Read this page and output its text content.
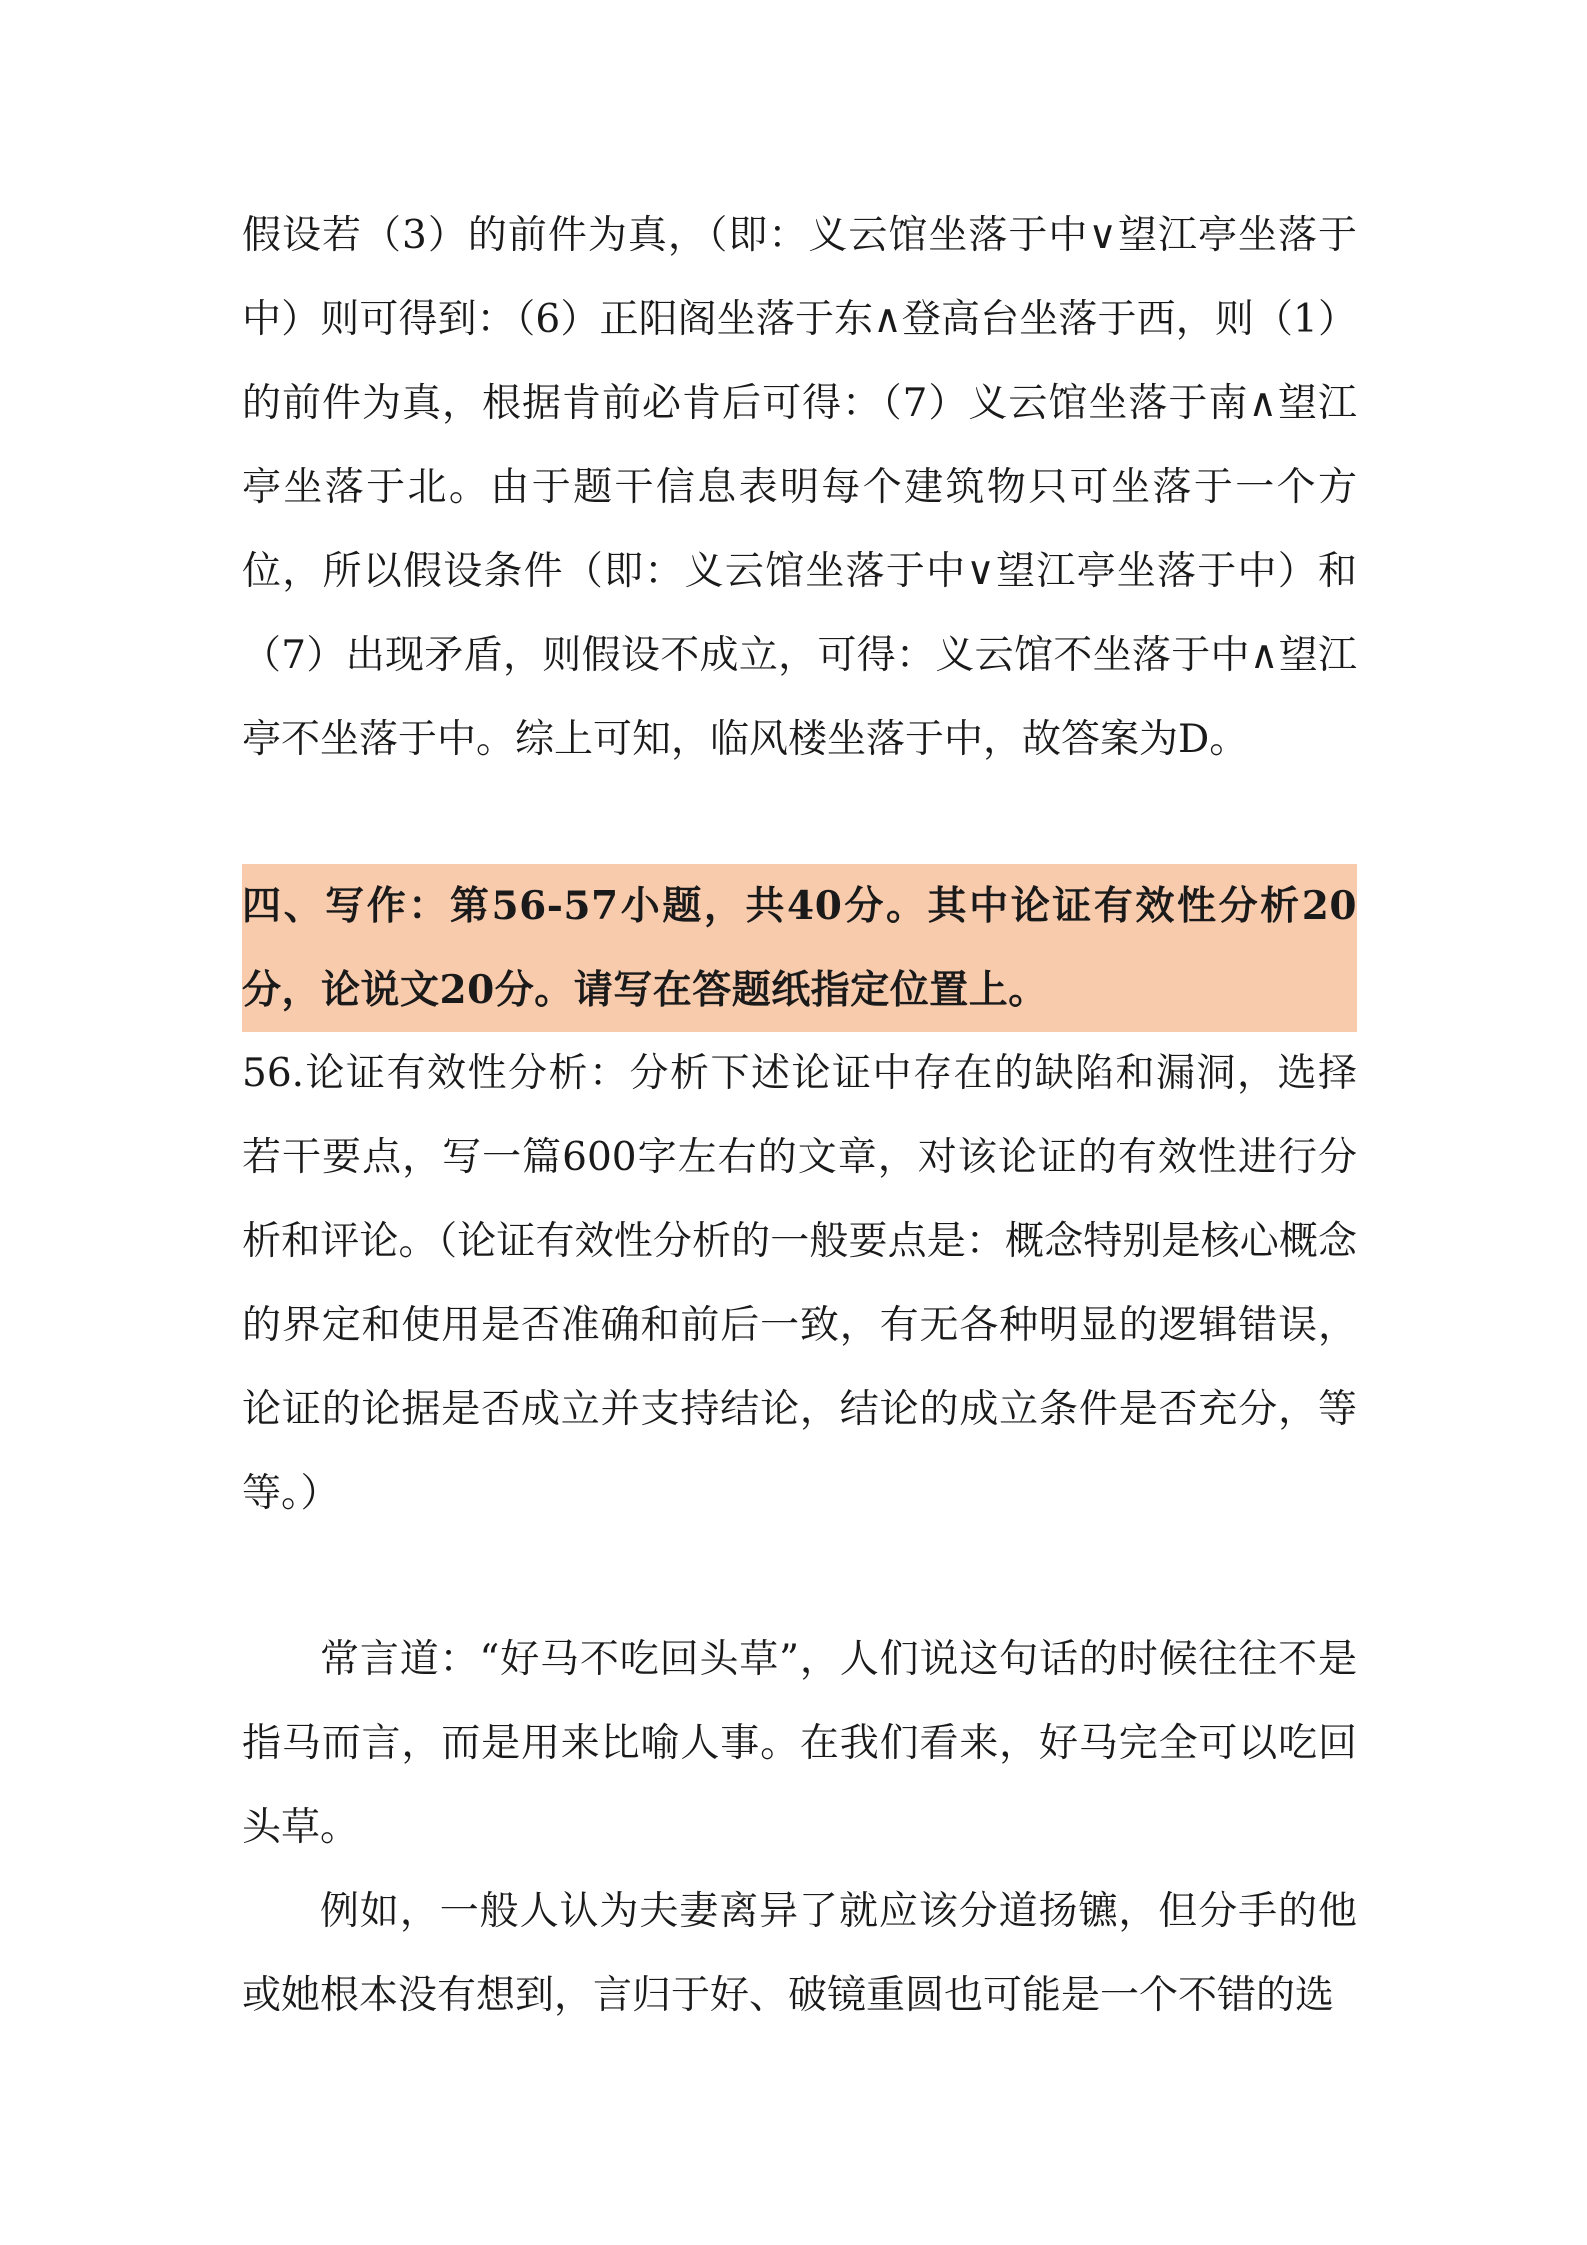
假设若（3）的前件为真，（即：义云馆坐落于中∨望江亭坐落于中）则可得到：（6）正阳阁坐落于东∧登高台坐落于西，则（1）的前件为真，根据肯前必肯后可得：（7）义云馆坐落于南∧望江亭坐落于北。由于题干信息表明每个建筑物只可坐落于一个方位，所以假设条件（即：义云馆坐落于中∨望江亭坐落于中）和（7）出现矛盾，则假设不成立，可得：义云馆不坐落于中∧望江亭不坐落于中。综上可知，临风楼坐落于中，故答案为D。

四、写作：第56-57小题，共40分。其中论证有效性分析20分，论说文20分。请写在答题纸指定位置上。

56.论证有效性分析：分析下述论证中存在的缺陷和漏洞，选择若干要点，写一篇600字左右的文章，对该论证的有效性进行分析和评论。（论证有效性分析的一般要点是：概念特别是核心概念的界定和使用是否准确和前后一致，有无各种明显的逻辑错误，论证的论据是否成立并支持结论，结论的成立条件是否充分，等等。）

常言道：“好马不吃回头草”，人们说这句话的时候往往不是指马而言，而是用来比喻人事。在我们看来，好马完全可以吃回头草。

例如，一般人认为夫妻离异了就应该分道扬镳，但分手的他或她根本没有想到，言归于好、破镜重圆也可能是一个不错的选
